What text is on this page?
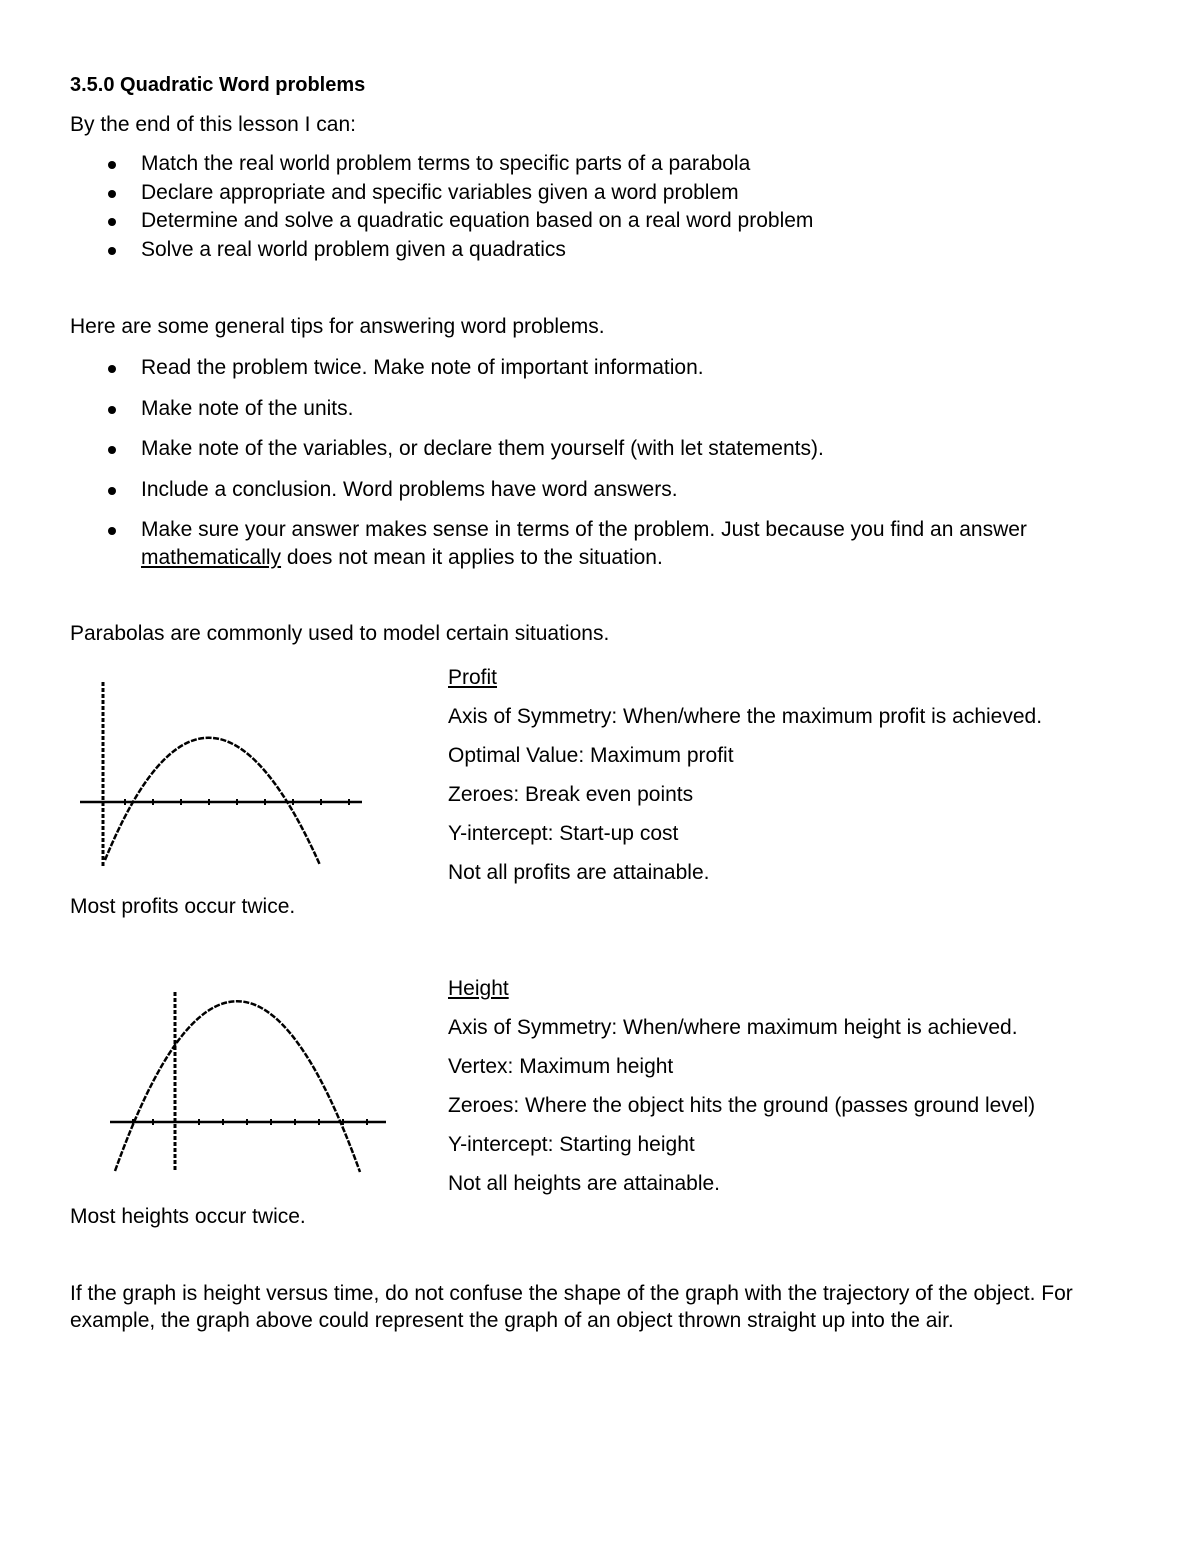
3.5.0 Quadratic Word problems

By the end of this lesson I can:

Match the real world problem terms to specific parts of a parabola
Declare appropriate and specific variables given a word problem
Determine and solve a quadratic equation based on a real word problem
Solve a real world problem given a quadratics

Here are some general tips for answering word problems.

Read the problem twice. Make note of important information.
Make note of the units.
Make note of the variables, or declare them yourself (with let statements).
Include a conclusion. Word problems have word answers.
Make sure your answer makes sense in terms of the problem. Just because you find an answer mathematically does not mean it applies to the situation.

Parabolas are commonly used to model certain situations.

Profit
Axis of Symmetry: When/where the maximum profit is achieved.
Optimal Value: Maximum profit
Zeroes: Break even points
Y-intercept: Start-up cost
Not all profits are attainable.

Most profits occur twice.

Height
Axis of Symmetry: When/where maximum height is achieved.
Vertex: Maximum height
Zeroes: Where the object hits the ground (passes ground level)
Y-intercept: Starting height
Not all heights are attainable.

Most heights occur twice.

If the graph is height versus time, do not confuse the shape of the graph with the trajectory of the object. For example, the graph above could represent the graph of an object thrown straight up into the air.
